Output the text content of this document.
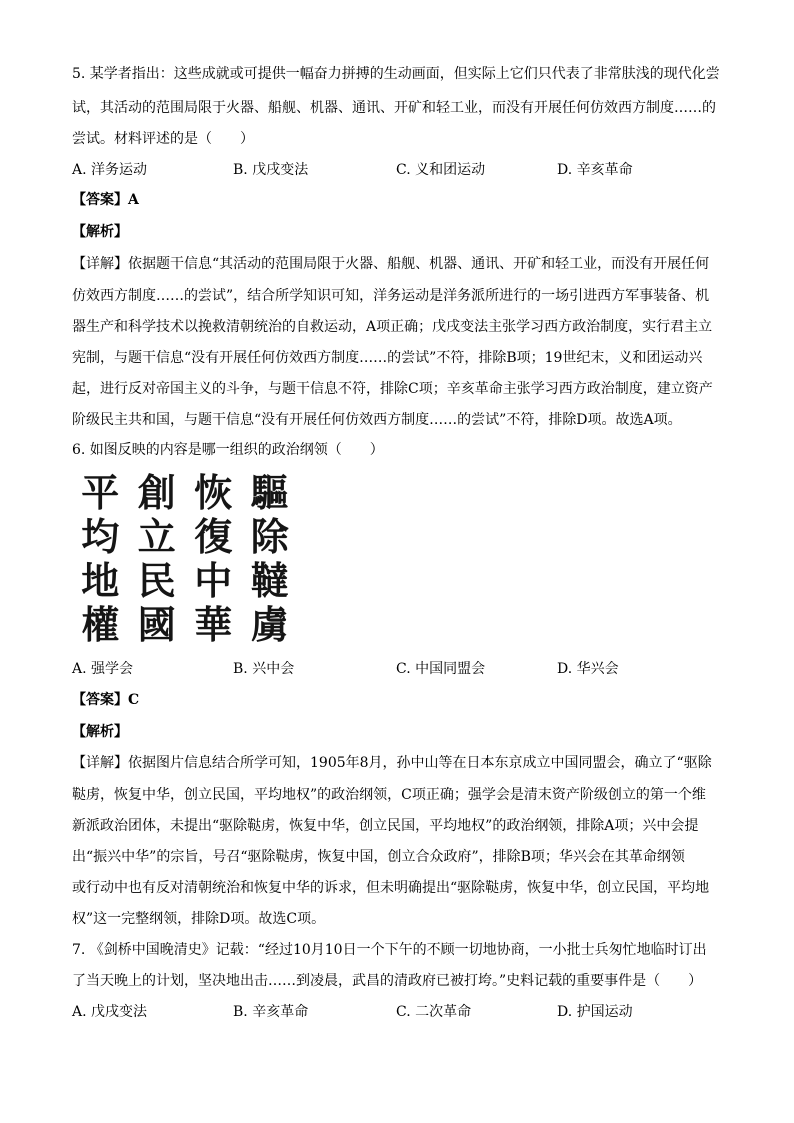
5. 某学者指出：这些成就或可提供一幅奋力拼搏的生动画面，但实际上它们只代表了非常肤浅的现代化尝
试，其活动的范围局限于火器、船舰、机器、通讯、开矿和轻工业，而没有开展任何仿效西方制度……的
尝试。材料评述的是（　　）
A. 洋务运动	B. 戊戌变法	C. 义和团运动	D. 辛亥革命
【答案】A
【解析】
【详解】依据题干信息“其活动的范围局限于火器、船舰、机器、通讯、开矿和轻工业，而没有开展任何
仿效西方制度……的尝试”，结合所学知识可知，洋务运动是洋务派所进行的一场引进西方军事装备、机
器生产和科学技术以挽救清朝统治的自救运动，A项正确；戊戌变法主张学习西方政治制度，实行君主立
宪制，与题干信息“没有开展任何仿效西方制度……的尝试”不符，排除B项；19世纪末，义和团运动兴
起，进行反对帝国主义的斗争，与题干信息不符，排除C项；辛亥革命主张学习西方政治制度，建立资产
阶级民主共和国，与题干信息“没有开展任何仿效西方制度……的尝试”不符，排除D项。故选A项。
6. 如图反映的内容是哪一组织的政治纲领（　　）
平 創 恢 驅
均 立 復 除
地 民 中 韃
權 國 華 虜
A. 强学会	B. 兴中会	C. 中国同盟会	D. 华兴会
【答案】C
【解析】
【详解】依据图片信息结合所学可知，1905年8月，孙中山等在日本东京成立中国同盟会，确立了“驱除
鞑虏，恢复中华，创立民国，平均地权”的政治纲领，C项正确；强学会是清末资产阶级创立的第一个维
新派政治团体，未提出“驱除鞑虏，恢复中华，创立民国，平均地权”的政治纲领，排除A项；兴中会提
出“振兴中华”的宗旨，号召“驱除鞑虏，恢复中国，创立合众政府”，排除B项；华兴会在其革命纲领
或行动中也有反对清朝统治和恢复中华的诉求，但未明确提出“驱除鞑虏，恢复中华，创立民国，平均地
权”这一完整纲领，排除D项。故选C项。
7. 《剑桥中国晚清史》记载：“经过10月10日一个下午的不顾一切地协商，一小批士兵匆忙地临时订出
了当天晚上的计划，坚决地出击……到凌晨，武昌的清政府已被打垮。”史料记载的重要事件是（　　）
A. 戊戌变法	B. 辛亥革命	C. 二次革命	D. 护国运动
